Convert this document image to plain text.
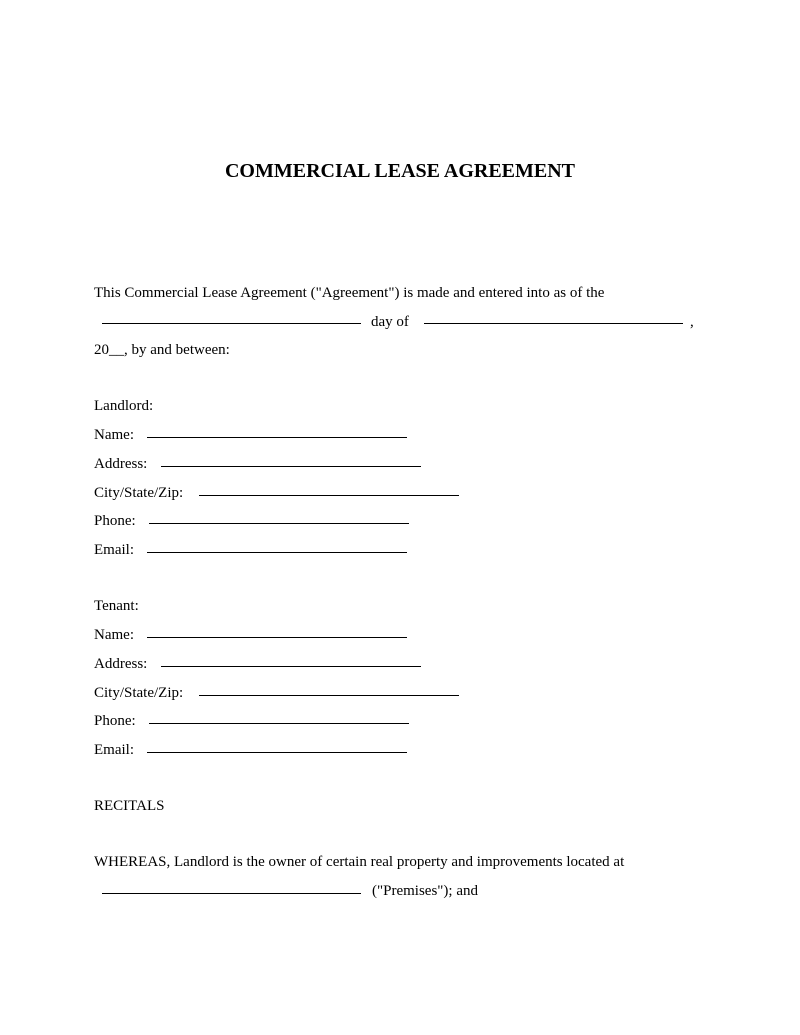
COMMERCIAL LEASE AGREEMENT
This Commercial Lease Agreement ("Agreement") is made and entered into as of the
day of	,
20__, by and between:
Landlord:
Name:
Address:
City/State/Zip:
Phone:
Email:
Tenant:
Name:
Address:
City/State/Zip:
Phone:
Email:
RECITALS
WHEREAS, Landlord is the owner of certain real property and improvements located at
("Premises"); and
